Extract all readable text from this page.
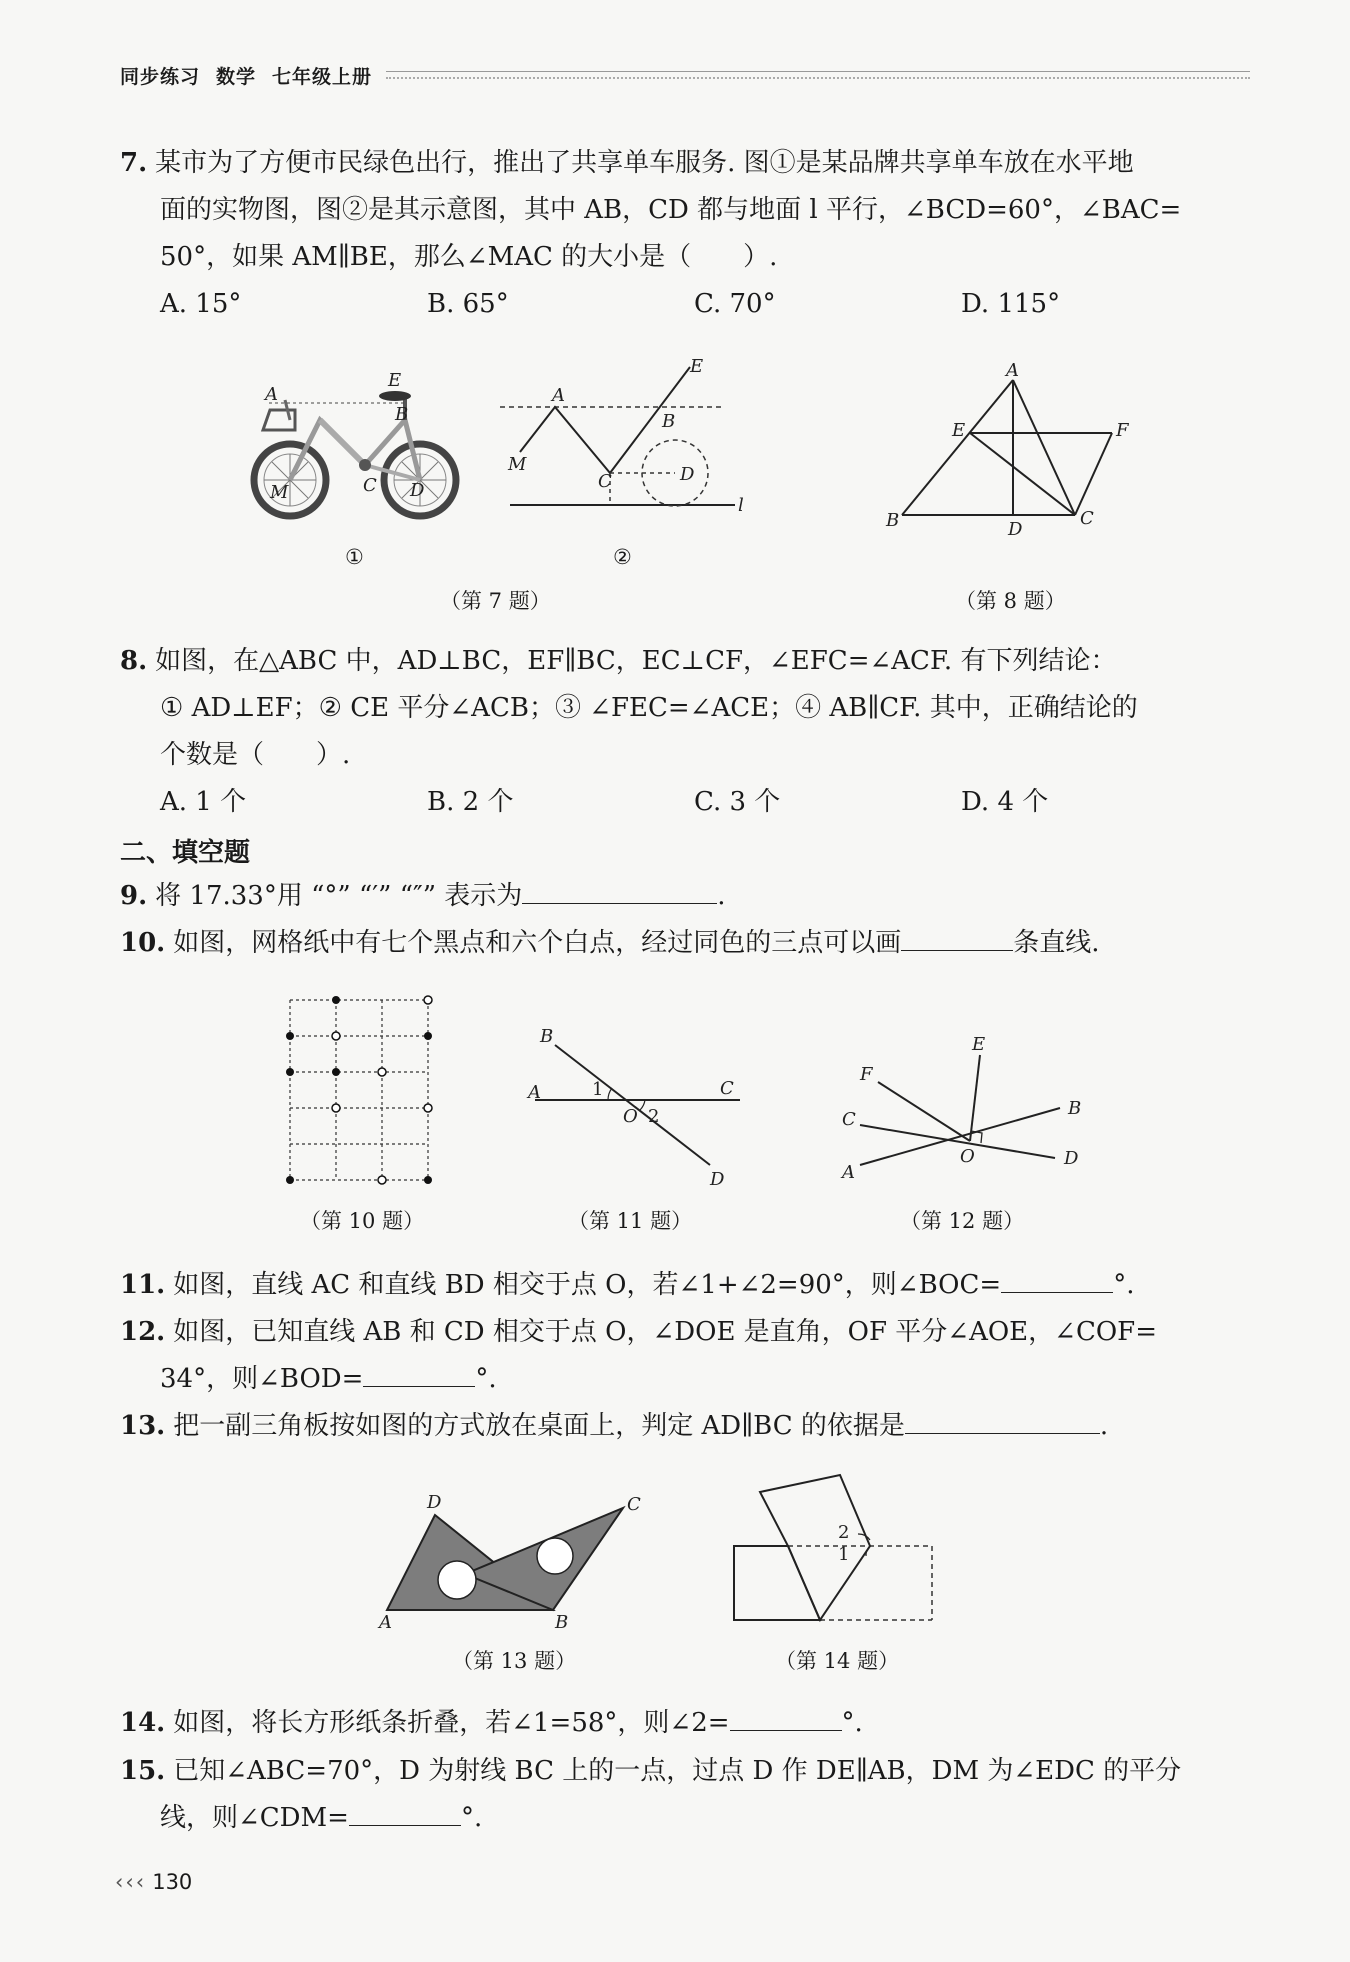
同步练习 数学 七年级上册
7. 某市为了方便市民绿色出行，推出了共享单车服务. 图①是某品牌共享单车放在水平地
面的实物图，图②是其示意图，其中 AB，CD 都与地面 l 平行，∠BCD=60°，∠BAC=
50°，如果 AM∥BE，那么∠MAC 的大小是（　　）.
A. 15°	B. 65°	C. 70°	D. 115°
A
E
B
M	C D
①
A
E
B
M
C	D
l
②
（第 7 题）
A
E	F
B	D
C
（第 8 题）
8. 如图，在△ABC 中，AD⊥BC，EF∥BC，EC⊥CF，∠EFC=∠ACF. 有下列结论：
① AD⊥EF；② CE 平分∠ACB；③ ∠FEC=∠ACE；④ AB∥CF. 其中，正确结论的
个数是（　　）.
A. 1 个	B. 2 个	C. 3 个	D. 4 个
二、填空题
9. 将 17.33°用 “°” “′” “″” 表示为	.
10. 如图，网格纸中有七个黑点和六个白点，经过同色的三点可以画	条直线.
（第 10 题）
B
A	C
O
D
1
2
（第 11 题）
E
F
C
B
A
O	D
（第 12 题）
11. 如图，直线 AC 和直线 BD 相交于点 O，若∠1+∠2=90°，则∠BOC=	°.
12. 如图，已知直线 AB 和 CD 相交于点 O，∠DOE 是直角，OF 平分∠AOE，∠COF=
34°，则∠BOD=	°.
13. 把一副三角板按如图的方式放在桌面上，判定 AD∥BC 的依据是	.
D	C
A	B
（第 13 题）
2
1
（第 14 题）
14. 如图，将长方形纸条折叠，若∠1=58°，则∠2=	°.
15. 已知∠ABC=70°，D 为射线 BC 上的一点，过点 D 作 DE∥AB，DM 为∠EDC 的平分
线，则∠CDM=	°.
‹‹‹ 130
